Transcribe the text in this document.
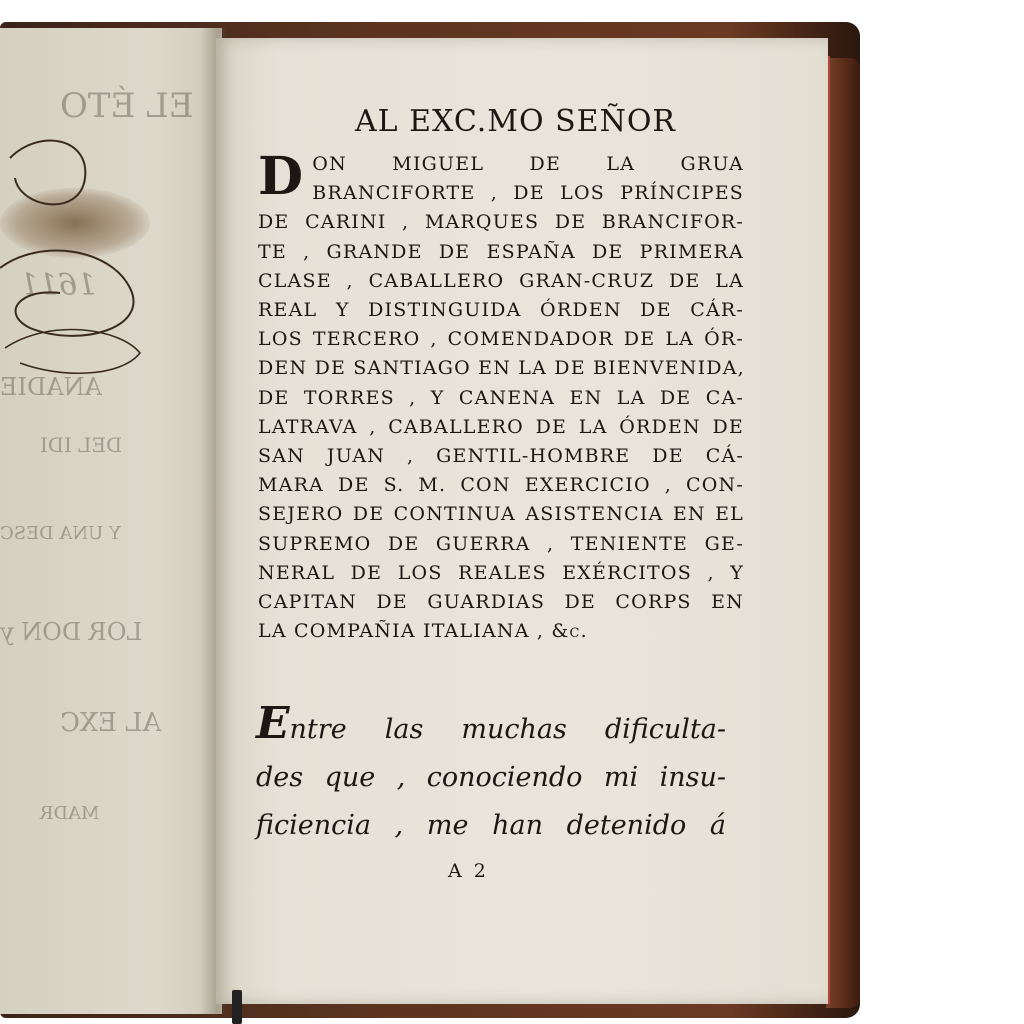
EL ÉTO
1611
ANADIE
DEL IDI
Y UNA DESC
LOR DON y
AL EXC
MADR
AL EXC.MO SEÑOR
D ON MIGUEL DE LA GRUA
BRANCIFORTE , DE LOS PRÍNCIPES
DE CARINI , MARQUES DE BRANCIFOR-
TE , GRANDE DE ESPAÑA DE PRIMERA
CLASE , CABALLERO GRAN-CRUZ DE LA
REAL Y DISTINGUIDA ÓRDEN DE CÁR-
LOS TERCERO , COMENDADOR DE LA ÓR-
DEN DE SANTIAGO EN LA DE BIENVENIDA,
DE TORRES , Y CANENA EN LA DE CA-
LATRAVA , CABALLERO DE LA ÓRDEN DE
SAN JUAN , GENTIL-HOMBRE DE CÁ-
MARA DE S. M. CON EXERCICIO , CON-
SEJERO DE CONTINUA ASISTENCIA EN EL
SUPREMO DE GUERRA , TENIENTE GE-
NERAL DE LOS REALES EXÉRCITOS , Y
CAPITAN DE GUARDIAS DE CORPS EN
LA COMPAÑIA ITALIANA , &c.
Entre las muchas dificulta-
des que , conociendo mi insu-
ficiencia , me han detenido á
A 2
